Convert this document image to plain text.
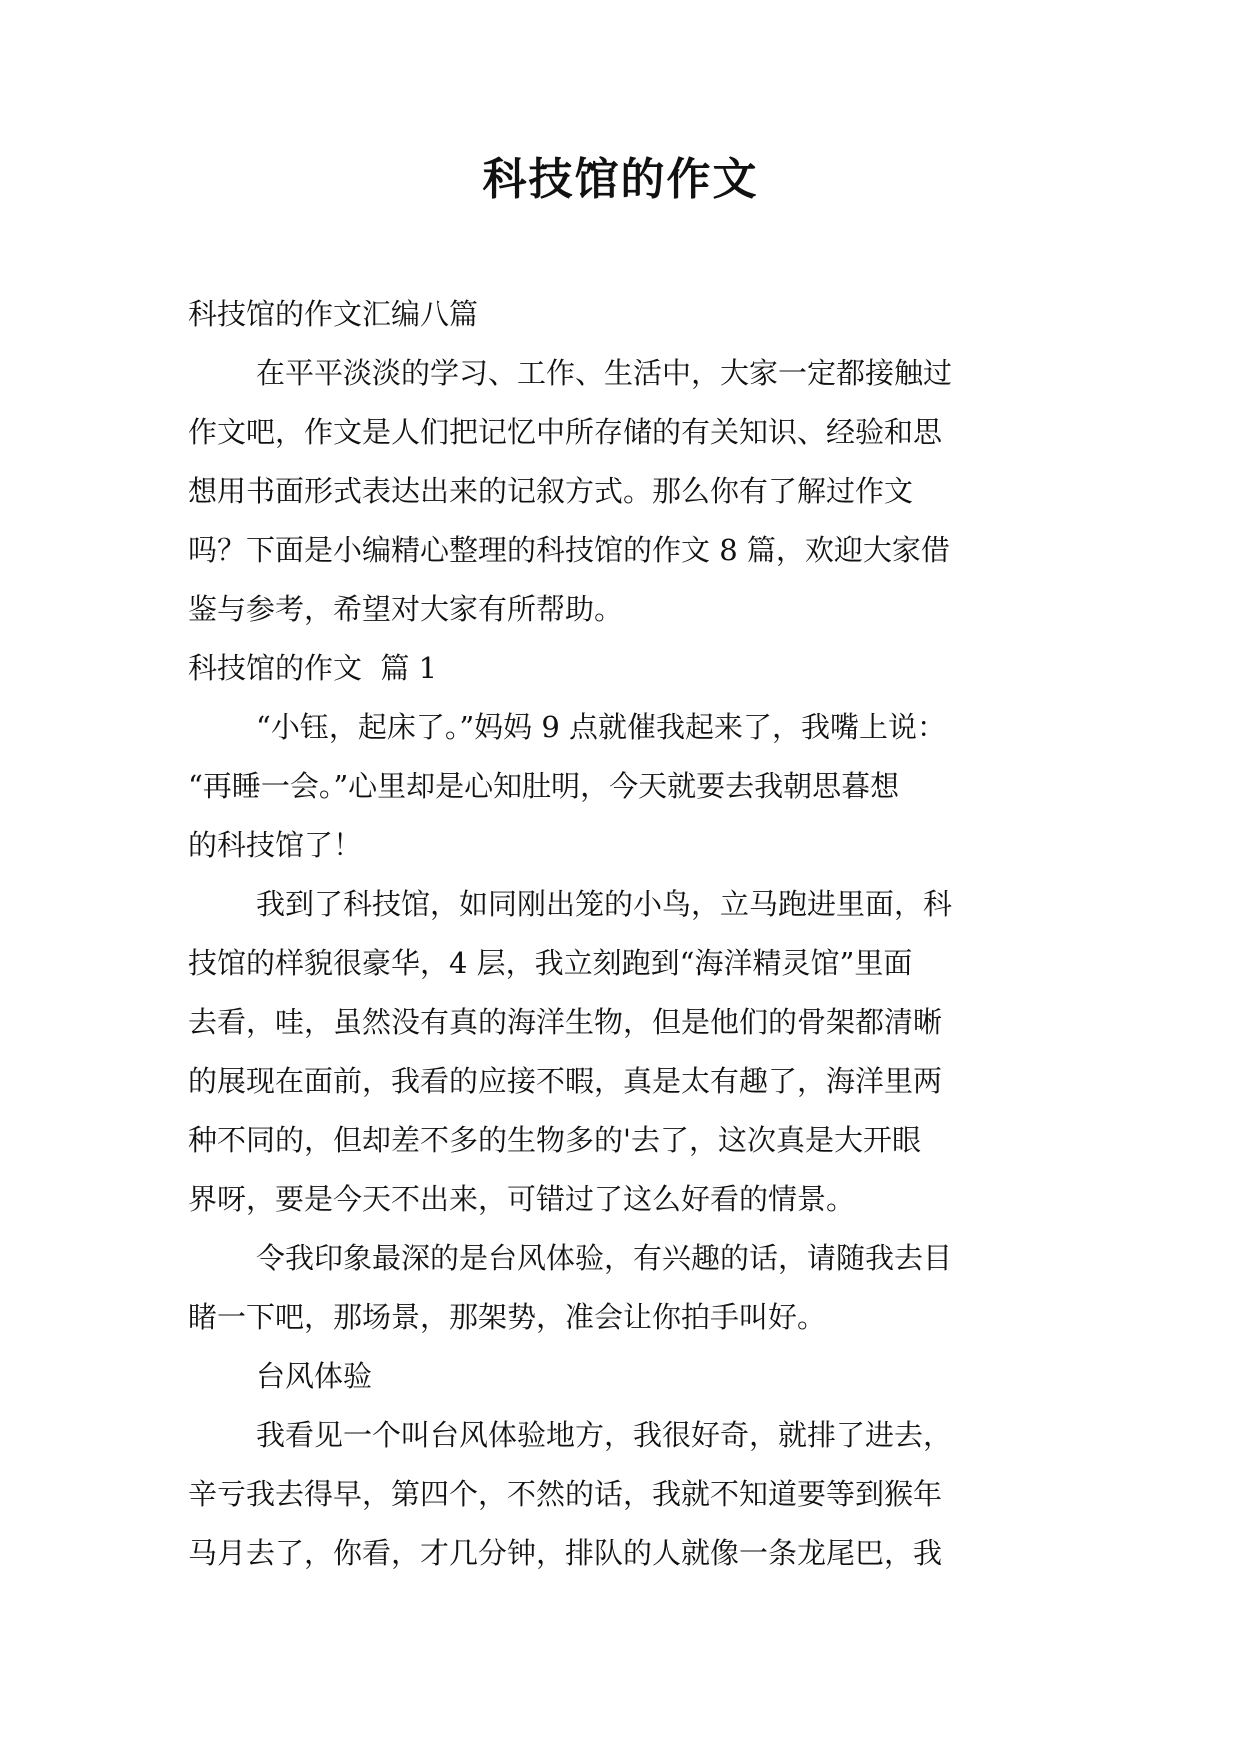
科技馆的作文

科技馆的作文汇编八篇

在平平淡淡的学习、工作、生活中，大家一定都接触过

作文吧，作文是人们把记忆中所存储的有关知识、经验和思

想用书面形式表达出来的记叙方式。那么你有了解过作文

吗？下面是小编精心整理的科技馆的作文 8 篇，欢迎大家借

鉴与参考，希望对大家有所帮助。

科技馆的作文  篇 1

“小钰，起床了。”妈妈 9 点就催我起来了，我嘴上说：

“再睡一会。”心里却是心知肚明，今天就要去我朝思暮想

的科技馆了！

我到了科技馆，如同刚出笼的小鸟，立马跑进里面，科

技馆的样貌很豪华，4 层，我立刻跑到“海洋精灵馆”里面

去看，哇，虽然没有真的海洋生物，但是他们的骨架都清晰

的展现在面前，我看的应接不暇，真是太有趣了，海洋里两

种不同的，但却差不多的生物多的'去了，这次真是大开眼

界呀，要是今天不出来，可错过了这么好看的情景。

令我印象最深的是台风体验，有兴趣的话，请随我去目

睹一下吧，那场景，那架势，准会让你拍手叫好。

台风体验

我看见一个叫台风体验地方，我很好奇，就排了进去，

辛亏我去得早，第四个，不然的话，我就不知道要等到猴年

马月去了，你看，才几分钟，排队的人就像一条龙尾巴，我
